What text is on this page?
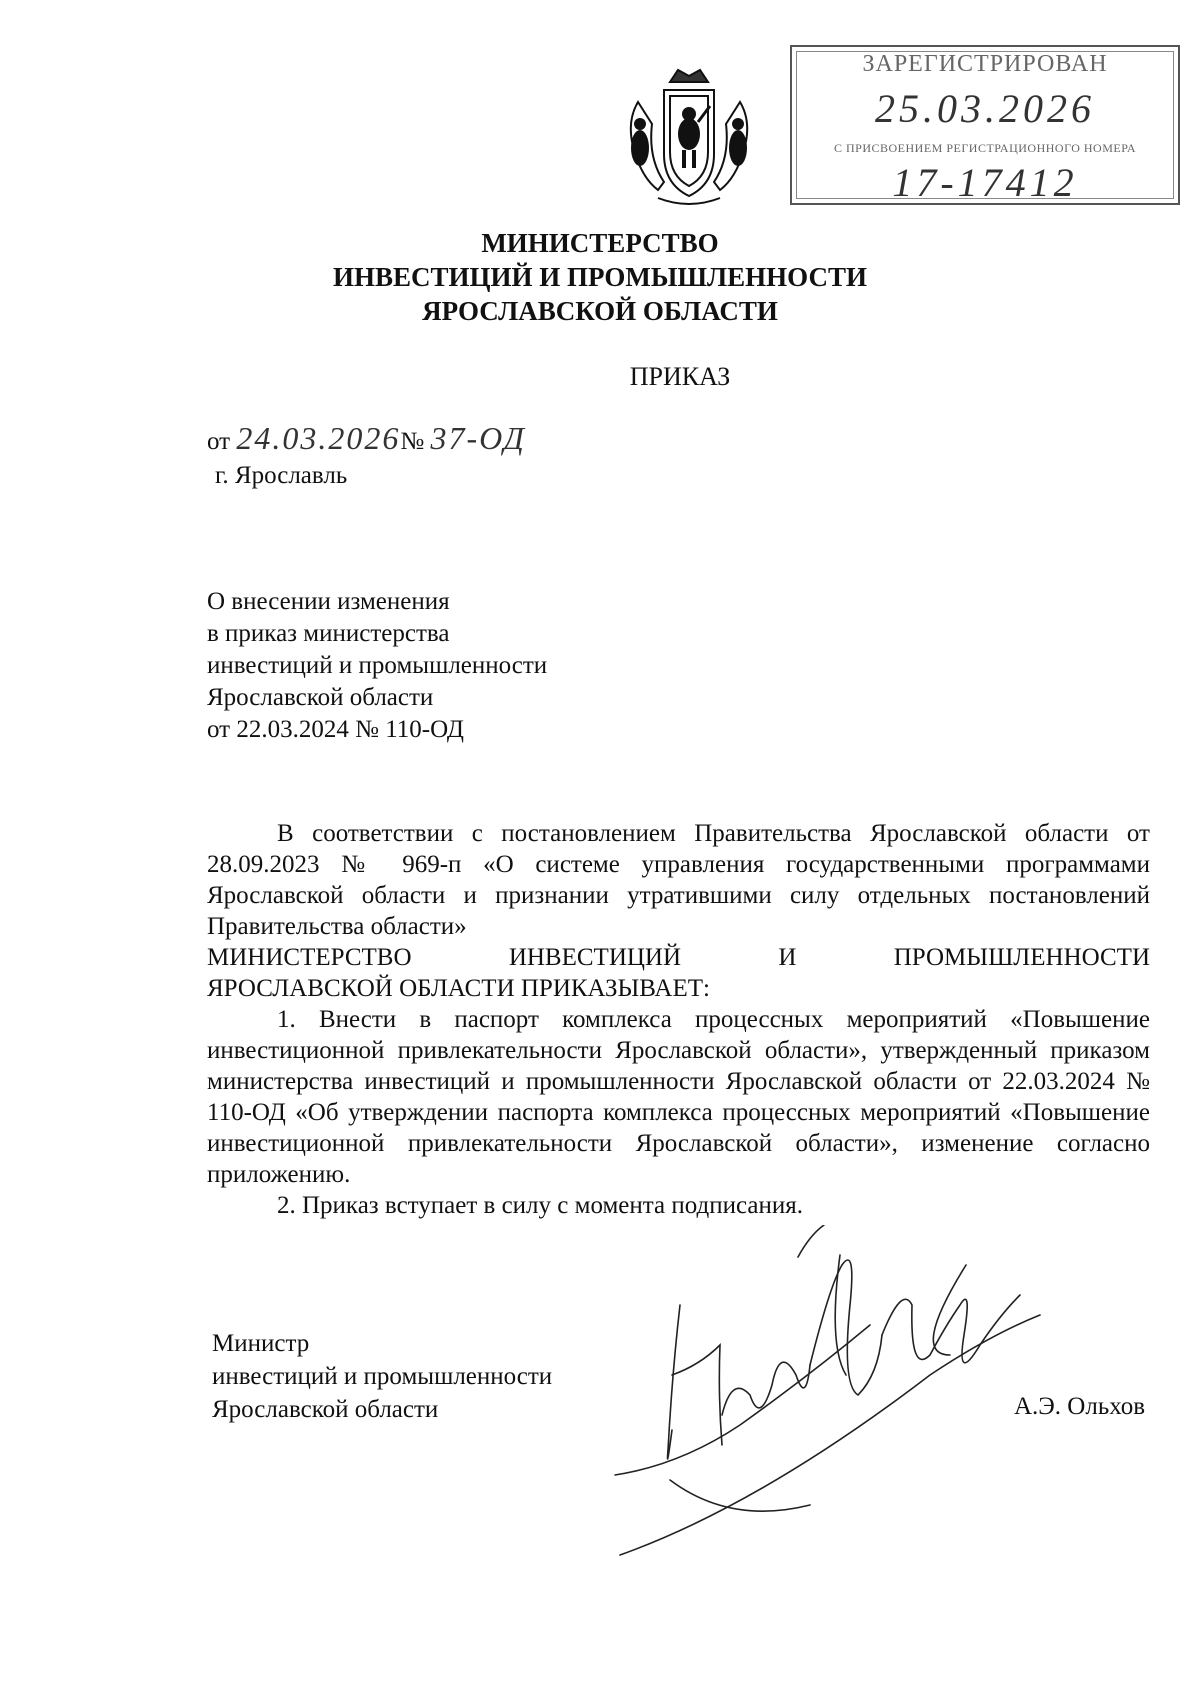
ЗАРЕГИСТРИРОВАН
25.03.2026
С ПРИСВОЕНИЕМ РЕГИСТРАЦИОННОГО НОМЕРА
17-17412
МИНИСТЕРСТВО
ИНВЕСТИЦИЙ И ПРОМЫШЛЕННОСТИ
ЯРОСЛАВСКОЙ ОБЛАСТИ
ПРИКАЗ
от 24.03.2026№ 37-ОД
г. Ярославль
О внесении изменения
в приказ министерства
инвестиций и промышленности
Ярославской области
от 22.03.2024 № 110-ОД

В соответствии с постановлением Правительства Ярославской области от 28.09.2023 № 969-п «О системе управления государственными программами Ярославской области и признании утратившими силу отдельных постановлений Правительства области»

МИНИСТЕРСТВО ИНВЕСТИЦИЙ И ПРОМЫШЛЕННОСТИ

ЯРОСЛАВСКОЙ ОБЛАСТИ ПРИКАЗЫВАЕТ:

1. Внести в паспорт комплекса процессных мероприятий «Повышение инвестиционной привлекательности Ярославской области», утвержденный приказом министерства инвестиций и промышленности Ярославской области от 22.03.2024 № 110-ОД «Об утверждении паспорта комплекса процессных мероприятий «Повышение инвестиционной привлекательности Ярославской области», изменение согласно приложению.

2. Приказ вступает в силу с момента подписания.

Министр
инвестиций и промышленности
Ярославской области	А.Э. Ольхов
